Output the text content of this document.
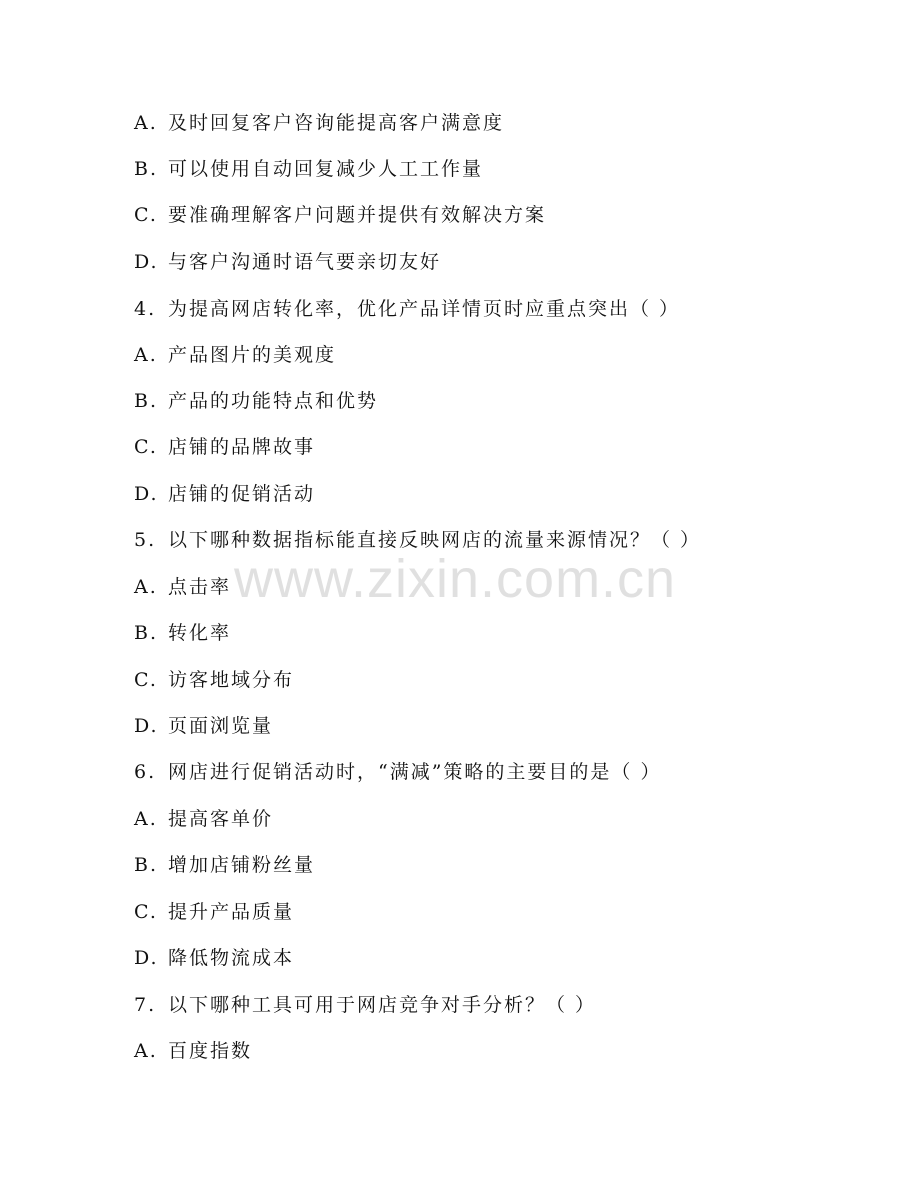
A. 及时回复客户咨询能提高客户满意度
B. 可以使用自动回复减少人工工作量
C. 要准确理解客户问题并提供有效解决方案
D. 与客户沟通时语气要亲切友好
4. 为提高网店转化率，优化产品详情页时应重点突出（ ）
A. 产品图片的美观度
B. 产品的功能特点和优势
C. 店铺的品牌故事
D. 店铺的促销活动
5. 以下哪种数据指标能直接反映网店的流量来源情况？（ ）
A. 点击率
B. 转化率
C. 访客地域分布
D. 页面浏览量
6. 网店进行促销活动时，“满减”策略的主要目的是（ ）
A. 提高客单价
B. 增加店铺粉丝量
C. 提升产品质量
D. 降低物流成本
7. 以下哪种工具可用于网店竞争对手分析？（ ）
A. 百度指数
www.zixin.com.cn
